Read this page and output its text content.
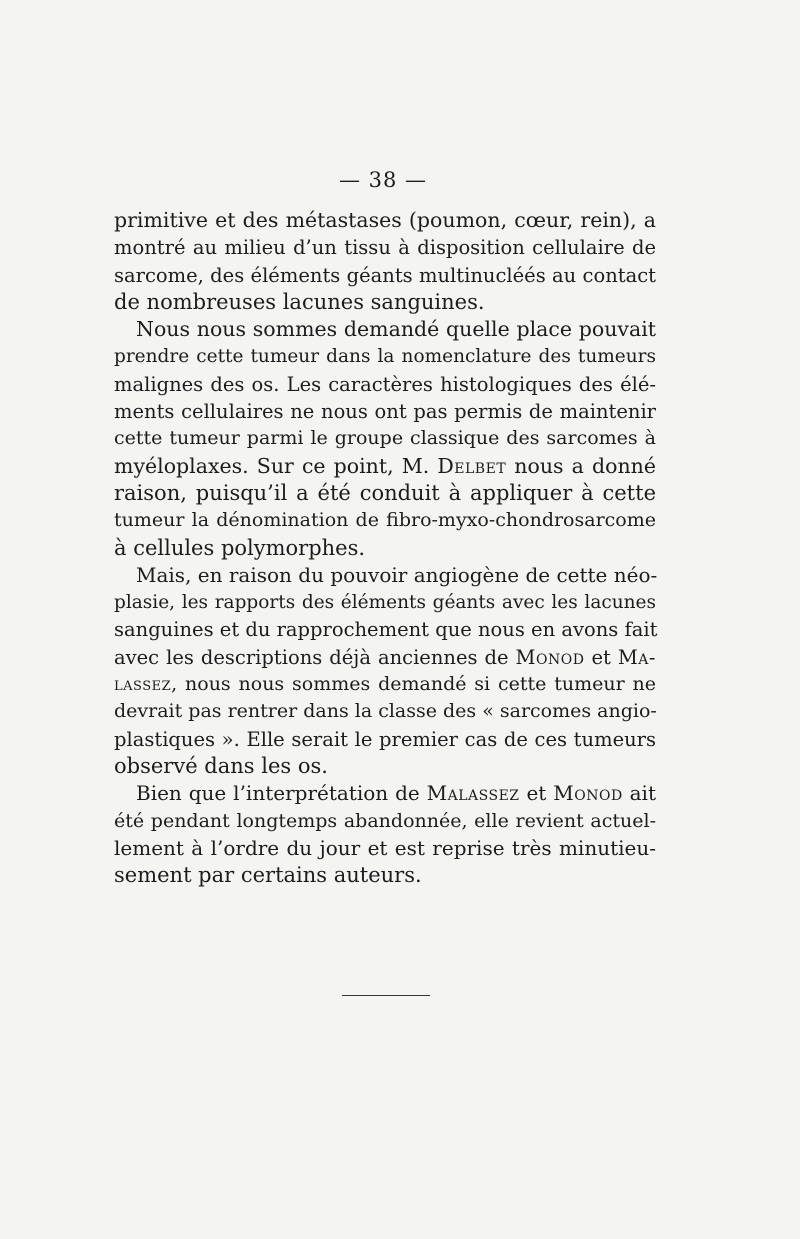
— 38 —
primitive et des métastases (poumon, cœur, rein), a
montré au milieu d’un tissu à disposition cellulaire de
sarcome, des éléments géants multinucléés au contact
de nombreuses lacunes sanguines.
Nous nous sommes demandé quelle place pouvait
prendre cette tumeur dans la nomenclature des tumeurs
malignes des os. Les caractères histologiques des élé-
ments cellulaires ne nous ont pas permis de maintenir
cette tumeur parmi le groupe classique des sarcomes à
myéloplaxes. Sur ce point, M. Delbet nous a donné
raison, puisqu’il a été conduit à appliquer à cette
tumeur la dénomination de fibro-myxo-chondrosarcome
à cellules polymorphes.
Mais, en raison du pouvoir angiogène de cette néo-
plasie, les rapports des éléments géants avec les lacunes
sanguines et du rapprochement que nous en avons fait
avec les descriptions déjà anciennes de Monod et Ma-
lassez, nous nous sommes demandé si cette tumeur ne
devrait pas rentrer dans la classe des « sarcomes angio-
plastiques ». Elle serait le premier cas de ces tumeurs
observé dans les os.
Bien que l’interprétation de Malassez et Monod ait
été pendant longtemps abandonnée, elle revient actuel-
lement à l’ordre du jour et est reprise très minutieu-
sement par certains auteurs.
